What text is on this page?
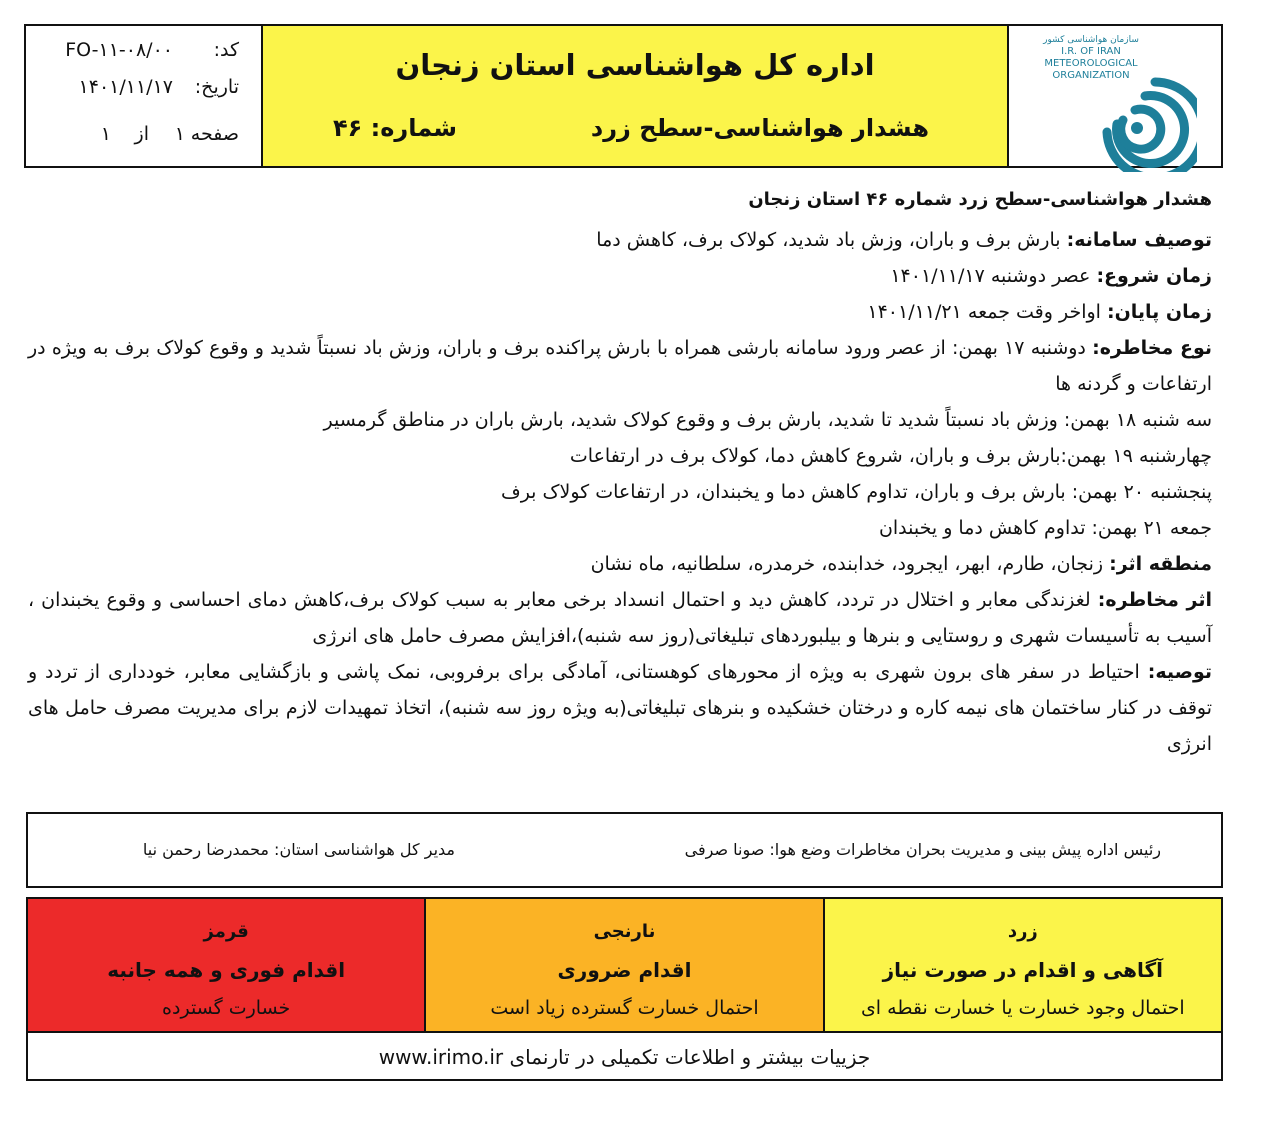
کد:
FO-۱۱-۰۸/۰۰
تاریخ:
۱۴۰۱/۱۱/۱۷
صفحه
۱
از
۱
اداره کل هواشناسی استان زنجان
هشدار هواشناسی-سطح زرد
شماره: ۴۶
سازمان هواشناسی کشور
I.R. OF IRAN
METEOROLOGICAL
ORGANIZATION
هشدار هواشناسی-سطح زرد شماره ۴۶ استان زنجان
توصیف سامانه: بارش برف و باران، وزش باد شدید، کولاک برف، کاهش دما
زمان شروع: عصر دوشنبه ۱۴۰۱/۱۱/۱۷
زمان پایان: اواخر وقت جمعه ۱۴۰۱/۱۱/۲۱
نوع مخاطره: دوشنبه ۱۷ بهمن: از عصر ورود سامانه بارشی همراه با بارش پراکنده برف و باران، وزش باد نسبتاً شدید و وقوع کولاک برف به ویژه در ارتفاعات و گردنه ها
سه شنبه ۱۸ بهمن: وزش باد نسبتاً شدید تا شدید، بارش برف و وقوع کولاک شدید، بارش باران در مناطق گرمسیر
چهارشنبه ۱۹ بهمن:بارش برف و باران، شروع کاهش دما، کولاک برف در ارتفاعات
پنجشنبه ۲۰ بهمن: بارش برف و باران، تداوم کاهش دما و یخبندان، در ارتفاعات کولاک برف
جمعه ۲۱ بهمن: تداوم کاهش دما و یخبندان
منطقه اثر: زنجان، طارم، ابهر، ایجرود، خدابنده، خرمدره، سلطانیه، ماه نشان
اثر مخاطره: لغزندگی معابر و اختلال در تردد، کاهش دید و احتمال انسداد برخی معابر به سبب کولاک برف،کاهش دمای احساسی و وقوع یخبندان ، آسیب به تأسیسات شهری و روستایی و بنرها و بیلبوردهای تبلیغاتی(روز سه شنبه)،افزایش مصرف حامل های انرژی
توصیه: احتیاط در سفر های برون شهری به ویژه از محورهای کوهستانی، آمادگی برای برفروبی، نمک پاشی و بازگشایی معابر، خودداری از تردد و توقف در کنار ساختمان های نیمه کاره و درختان خشکیده و بنرهای تبلیغاتی(به ویژه روز سه شنبه)، اتخاذ تمهیدات لازم برای مدیریت مصرف حامل های انرژی
رئیس اداره پیش بینی و مدیریت بحران مخاطرات وضع هوا: صونا صرفی
مدیر کل هواشناسی استان: محمدرضا رحمن نیا
قرمز
اقدام فوری و همه جانبه
خسارت گسترده
نارنجی
اقدام ضروری
احتمال خسارت گسترده زیاد است
زرد
آگاهی و اقدام در صورت نیاز
احتمال وجود خسارت یا خسارت نقطه ای
جزییات بیشتر و اطلاعات تکمیلی در تارنمای www.irimo.ir
